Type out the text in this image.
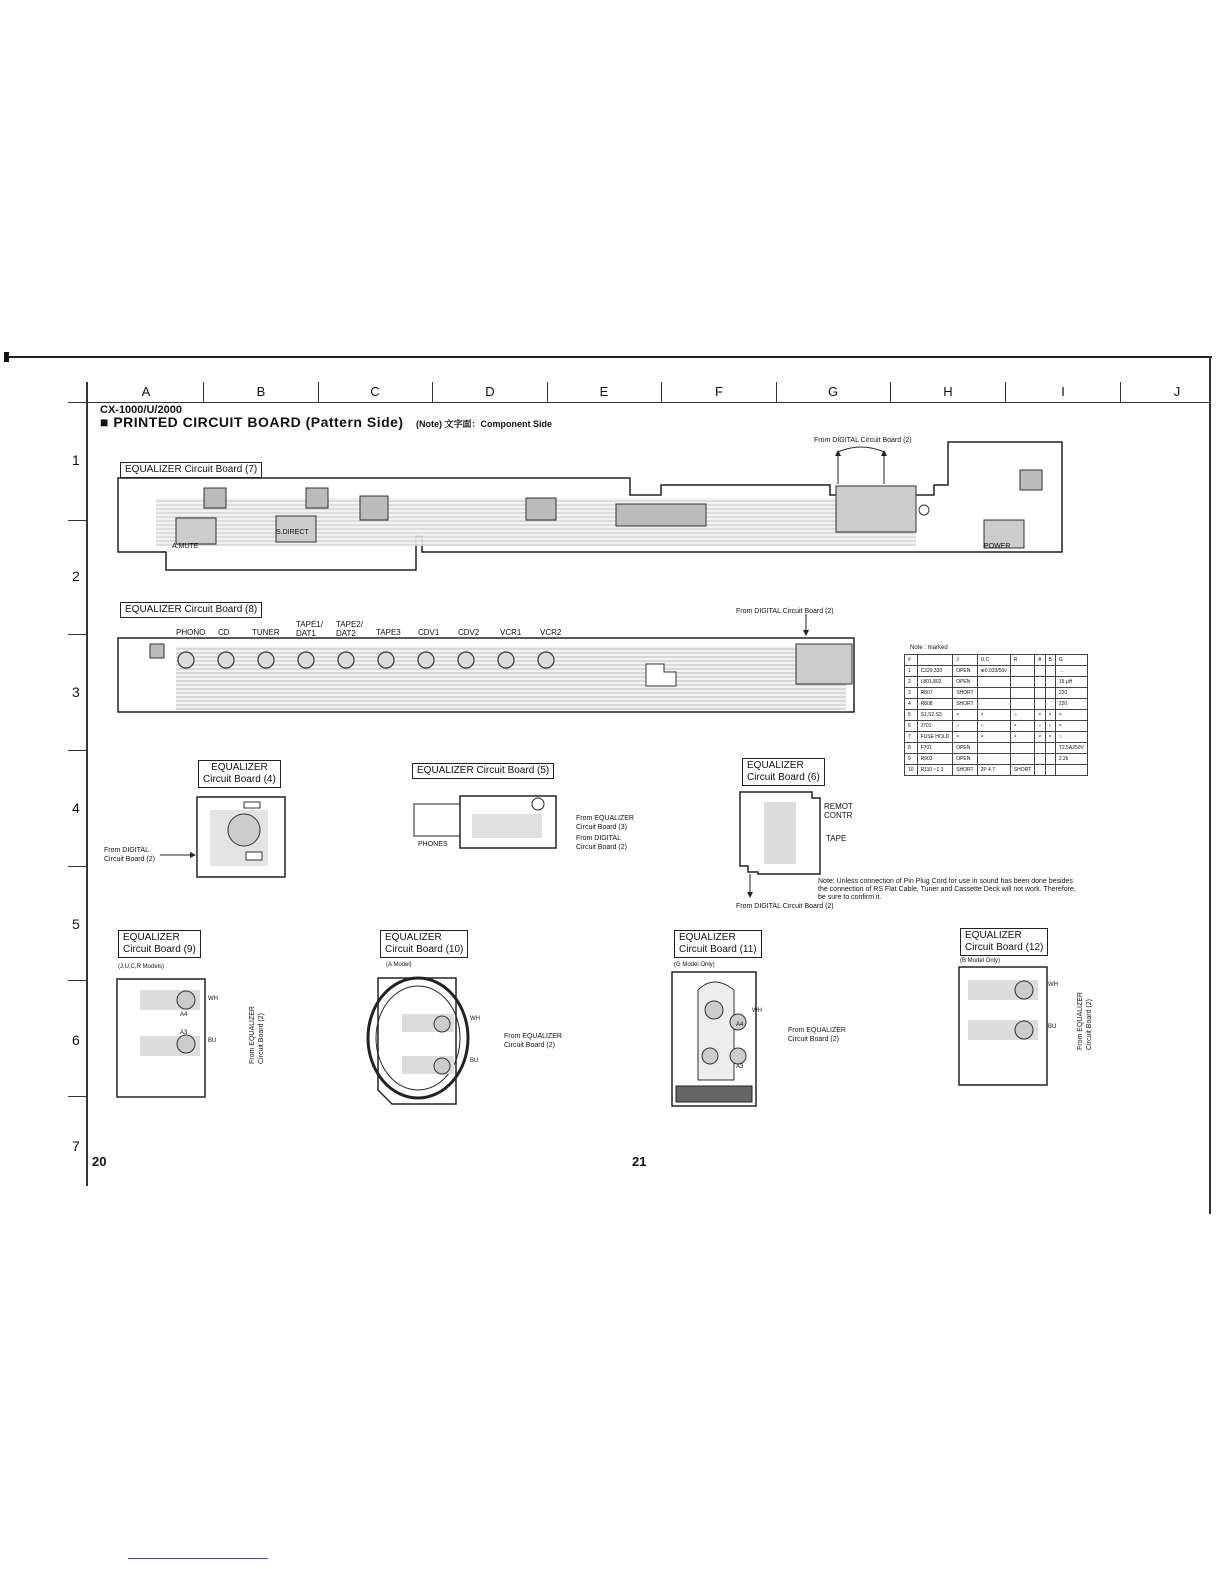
A	B	C	D	E	F	G	H	I	J
1
2
3
4
5
6
7
CX-1000/U/2000
■ PRINTED CIRCUIT BOARD (Pattern Side) (Note) 文字面：Component Side
EQUALIZER Circuit Board (7)
From DIGITAL Circuit Board (2)
A.MUTE
S.DIRECT
POWER
EQUALIZER Circuit Board (8)	From DIGITAL Circuit Board (2)
PHONO CD	TUNER
TAPE1/
DAT1
TAPE2/
DAT2	TAPE3 CDV1 CDV2	VCR1 VCR2
Note : marked
#		J	U,C	R	A	B	G
1	C329,330	OPEN	⊕0.033/50v				→
2	L801,802	OPEN					15 μH
3	R807	SHORT					220
4	R808	SHORT					220
5	S1,S2,S3	×	×	○	×	×	×
6	J701	○	○	×	○	○	×
7	FUSE HOLD	×	×	×	×	×	○
8	F701	OPEN					T2.5A250V
9	R903	OPEN					2.2k
10	R110 ~1 3	SHORT	2P 4.7	SHORT			
EQUALIZER
Circuit Board (4)
From DIGITAL
Circuit Board (2)
EQUALIZER Circuit Board (5)
PHONES
From EQUALIZER
Circuit Board (3)
From DIGITAL
Circuit Board (2)
EQUALIZER
Circuit Board (6)
REMOT
CONTR
TAPE
From DIGITAL Circuit Board (2)
Note: Unless connection of Pin Plug Cord for use in sound has been done besides the connection of RS Flat Cable, Tuner and Cassette Deck will not work. Therefore, be sure to confirm it.
EQUALIZER
Circuit Board (9)
(J,U,C,R Models)
WH
BU
A4
A3
From EQUALIZER
Circuit Board (2)
EQUALIZER
Circuit Board (10)
(A Model)
WH
BU
From EQUALIZER
Circuit Board (2)
EQUALIZER
Circuit Board (11)
(G Model Only)
WH
A4
A3
From EQUALIZER
Circuit Board (2)
EQUALIZER
Circuit Board (12)
(B Model Only)
WH
BU
From EQUALIZER
Circuit Board (2)
20	21
